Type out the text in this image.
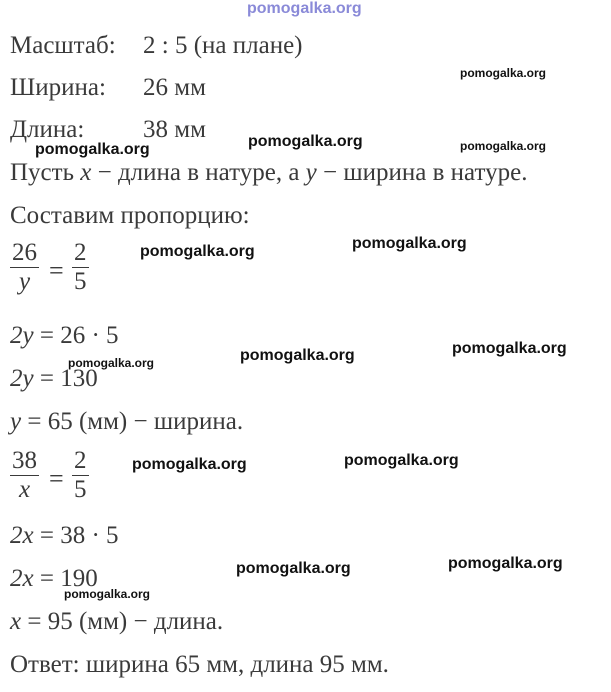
pomogalka.org
Масштаб: 2 : 5 (на плане)
Ширина: 26 мм
Длина: 38 мм
Пусть x − длина в натуре, а y − ширина в натуре.
Составим пропорцию:
$\frac{26}{y} = \frac{2}{5}$
2y = 26 · 5
2y = 130
y = 65 (мм) − ширина.
$\frac{38}{x} = \frac{2}{5}$
2x = 38 · 5
2x = 190
x = 95 (мм) − длина.
Ответ: ширина 65 мм, длина 95 мм.
pomogalka.org
pomogalka.org
pomogalka.org	pomogalka.org
pomogalka.org
pomogalka.org
pomogalka.org
pomogalka.org
pomogalka.org
pomogalka.org
pomogalka.org
pomogalka.org
pomogalka.org
pomogalka.org
